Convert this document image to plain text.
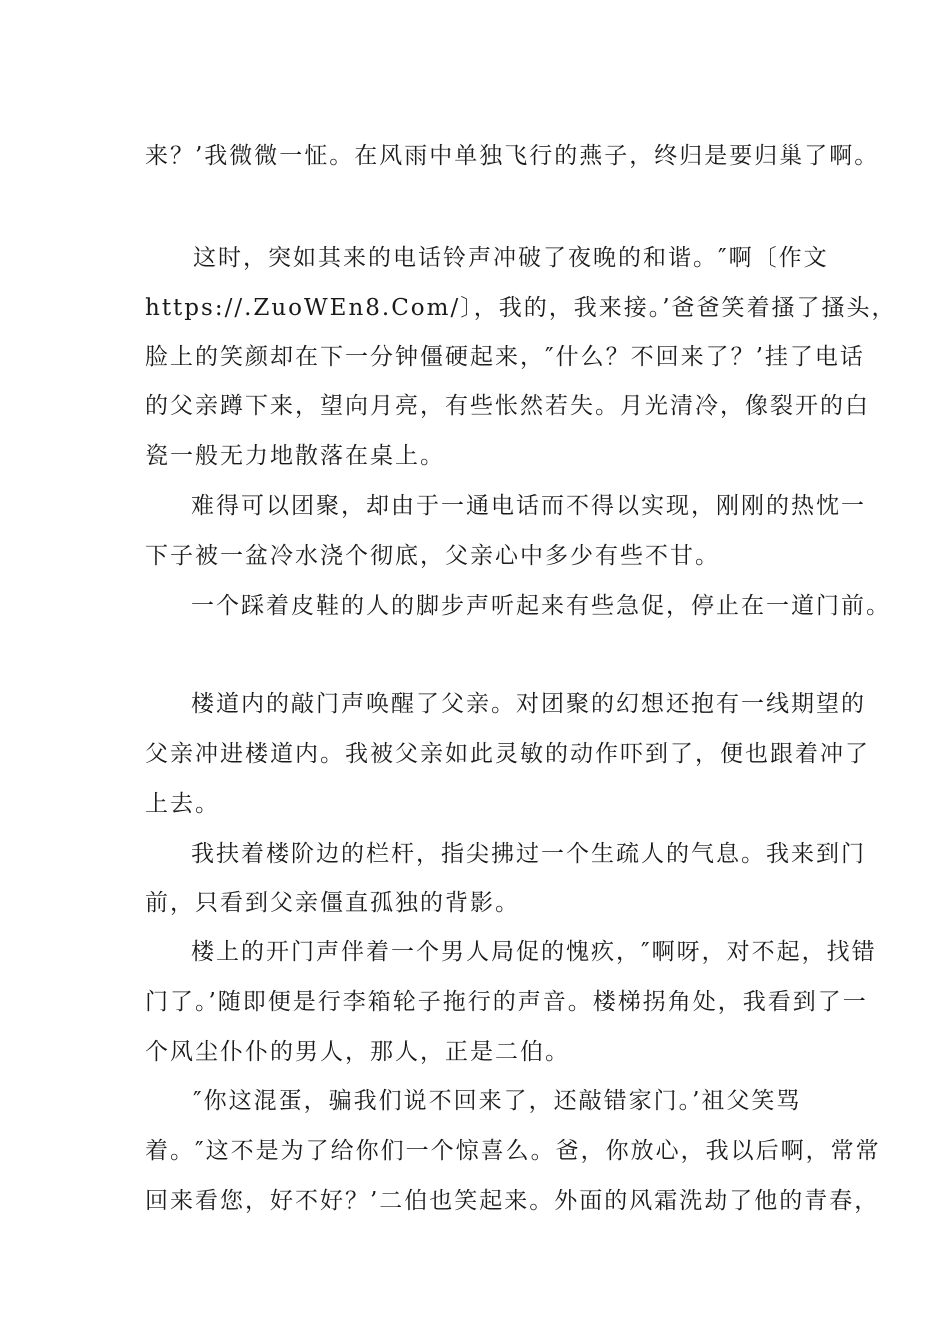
来？’我微微一怔。在风雨中单独飞行的燕子，终归是要归巢了啊。
这时，突如其来的电话铃声冲破了夜晚的和谐。″啊〔作文
https://.ZuoWEn8.Com/〕，我的，我来接。’爸爸笑着搔了搔头，
脸上的笑颜却在下一分钟僵硬起来，″什么？不回来了？’挂了电话
的父亲蹲下来，望向月亮，有些怅然若失。月光清冷，像裂开的白
瓷一般无力地散落在桌上。
难得可以团聚，却由于一通电话而不得以实现，刚刚的热忱一
下子被一盆冷水浇个彻底，父亲心中多少有些不甘。
一个踩着皮鞋的人的脚步声听起来有些急促，停止在一道门前。
楼道内的敲门声唤醒了父亲。对团聚的幻想还抱有一线期望的
父亲冲进楼道内。我被父亲如此灵敏的动作吓到了，便也跟着冲了
上去。
我扶着楼阶边的栏杆，指尖拂过一个生疏人的气息。我来到门
前，只看到父亲僵直孤独的背影。
楼上的开门声伴着一个男人局促的愧疚，″啊呀，对不起，找错
门了。’随即便是行李箱轮子拖行的声音。楼梯拐角处，我看到了一
个风尘仆仆的男人，那人，正是二伯。
″你这混蛋，骗我们说不回来了，还敲错家门。’祖父笑骂
着。″这不是为了给你们一个惊喜么。爸，你放心，我以后啊，常常
回来看您，好不好？’二伯也笑起来。外面的风霜洗劫了他的青春，
